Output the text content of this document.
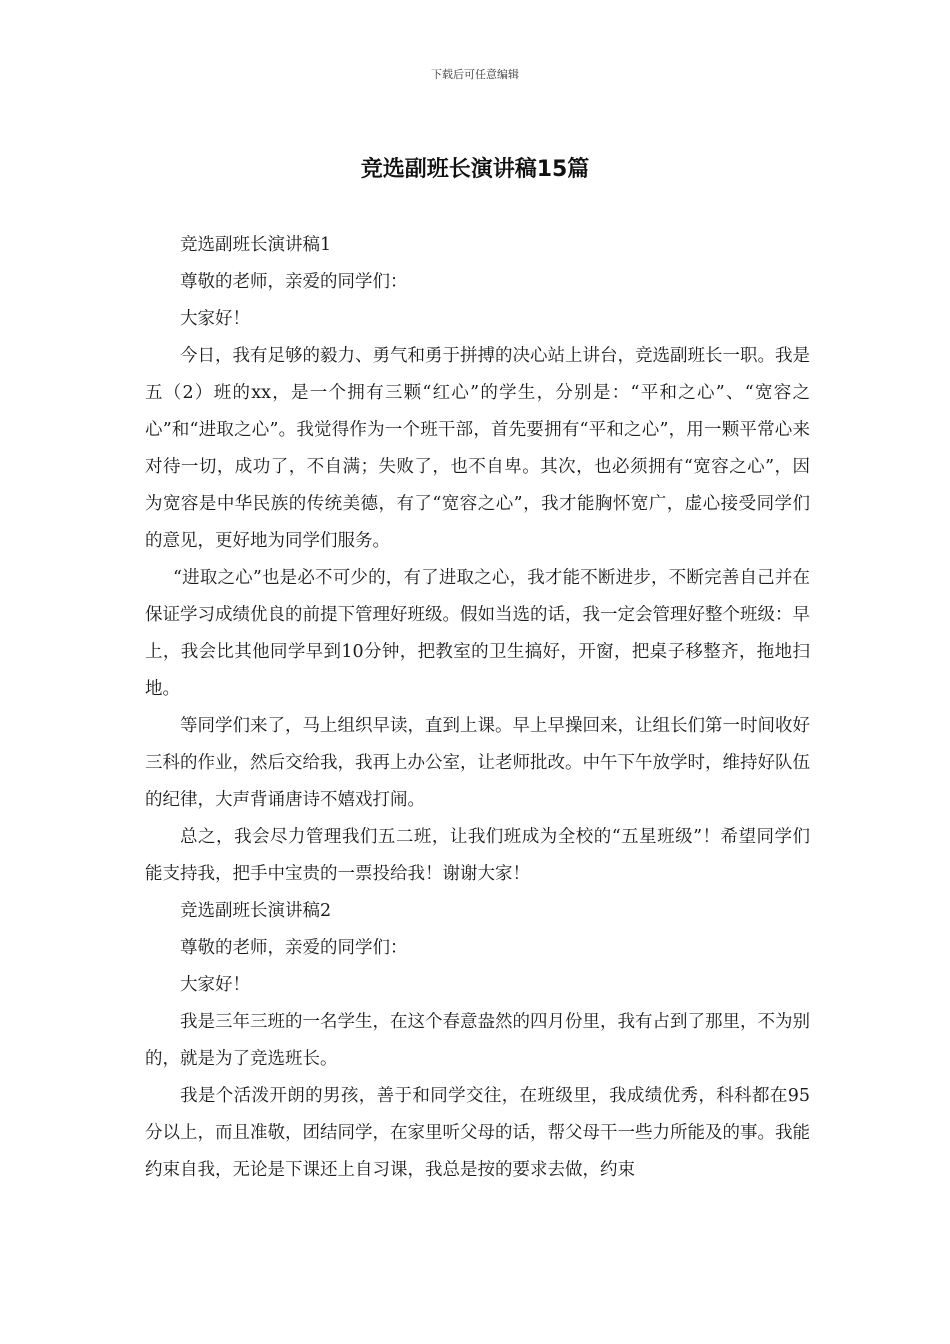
下载后可任意编辑
竞选副班长演讲稿15篇

竞选副班长演讲稿1

尊敬的老师，亲爱的同学们：

大家好！

今日，我有足够的毅力、勇气和勇于拼搏的决心站上讲台，竞选副班长一职。我是五（2）班的xx，是一个拥有三颗“红心”的学生，分别是：“平和之心”、“宽容之心”和“进取之心”。我觉得作为一个班干部，首先要拥有“平和之心”，用一颗平常心来对待一切，成功了，不自满；失败了，也不自卑。其次，也必须拥有“宽容之心”，因为宽容是中华民族的传统美德，有了“宽容之心”，我才能胸怀宽广，虚心接受同学们的意见，更好地为同学们服务。

“进取之心”也是必不可少的，有了进取之心，我才能不断进步，不断完善自己并在保证学习成绩优良的前提下管理好班级。假如当选的话，我一定会管理好整个班级：早上，我会比其他同学早到10分钟，把教室的卫生搞好，开窗，把桌子移整齐，拖地扫地。

等同学们来了，马上组织早读，直到上课。早上早操回来，让组长们第一时间收好三科的作业，然后交给我，我再上办公室，让老师批改。中午下午放学时，维持好队伍的纪律，大声背诵唐诗不嬉戏打闹。

总之，我会尽力管理我们五二班，让我们班成为全校的“五星班级”！希望同学们能支持我，把手中宝贵的一票投给我！谢谢大家！

竞选副班长演讲稿2

尊敬的老师，亲爱的同学们：

大家好！

我是三年三班的一名学生，在这个春意盎然的四月份里，我有占到了那里，不为别的，就是为了竞选班长。

我是个活泼开朗的男孩，善于和同学交往，在班级里，我成绩优秀，科科都在95分以上，而且准敬，团结同学，在家里听父母的话，帮父母干一些力所能及的事。我能约束自我，无论是下课还上自习课，我总是按的要求去做，约束
